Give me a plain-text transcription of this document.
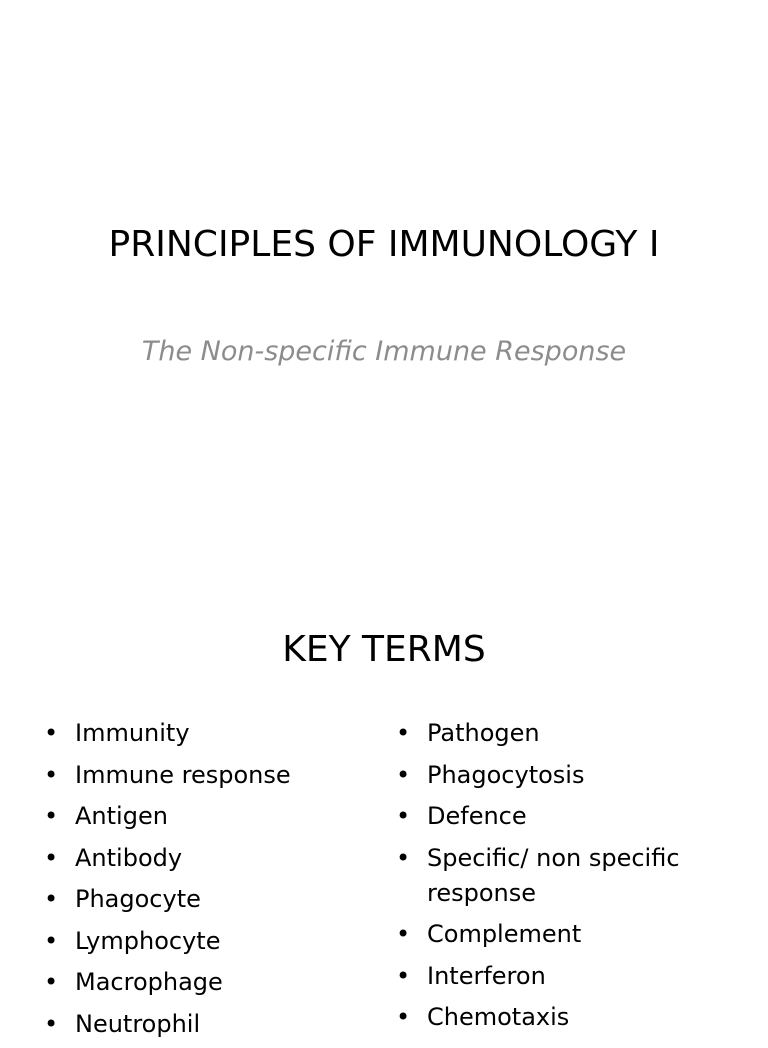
PRINCIPLES OF IMMUNOLOGY I
The Non-specific Immune Response
KEY TERMS
• Immunity
• Immune response
• Antigen
• Antibody
• Phagocyte
• Lymphocyte
• Macrophage
• Neutrophil
• Pathogen
• Phagocytosis
• Defence
• Specific/ non specific response
• Complement
• Interferon
• Chemotaxis
